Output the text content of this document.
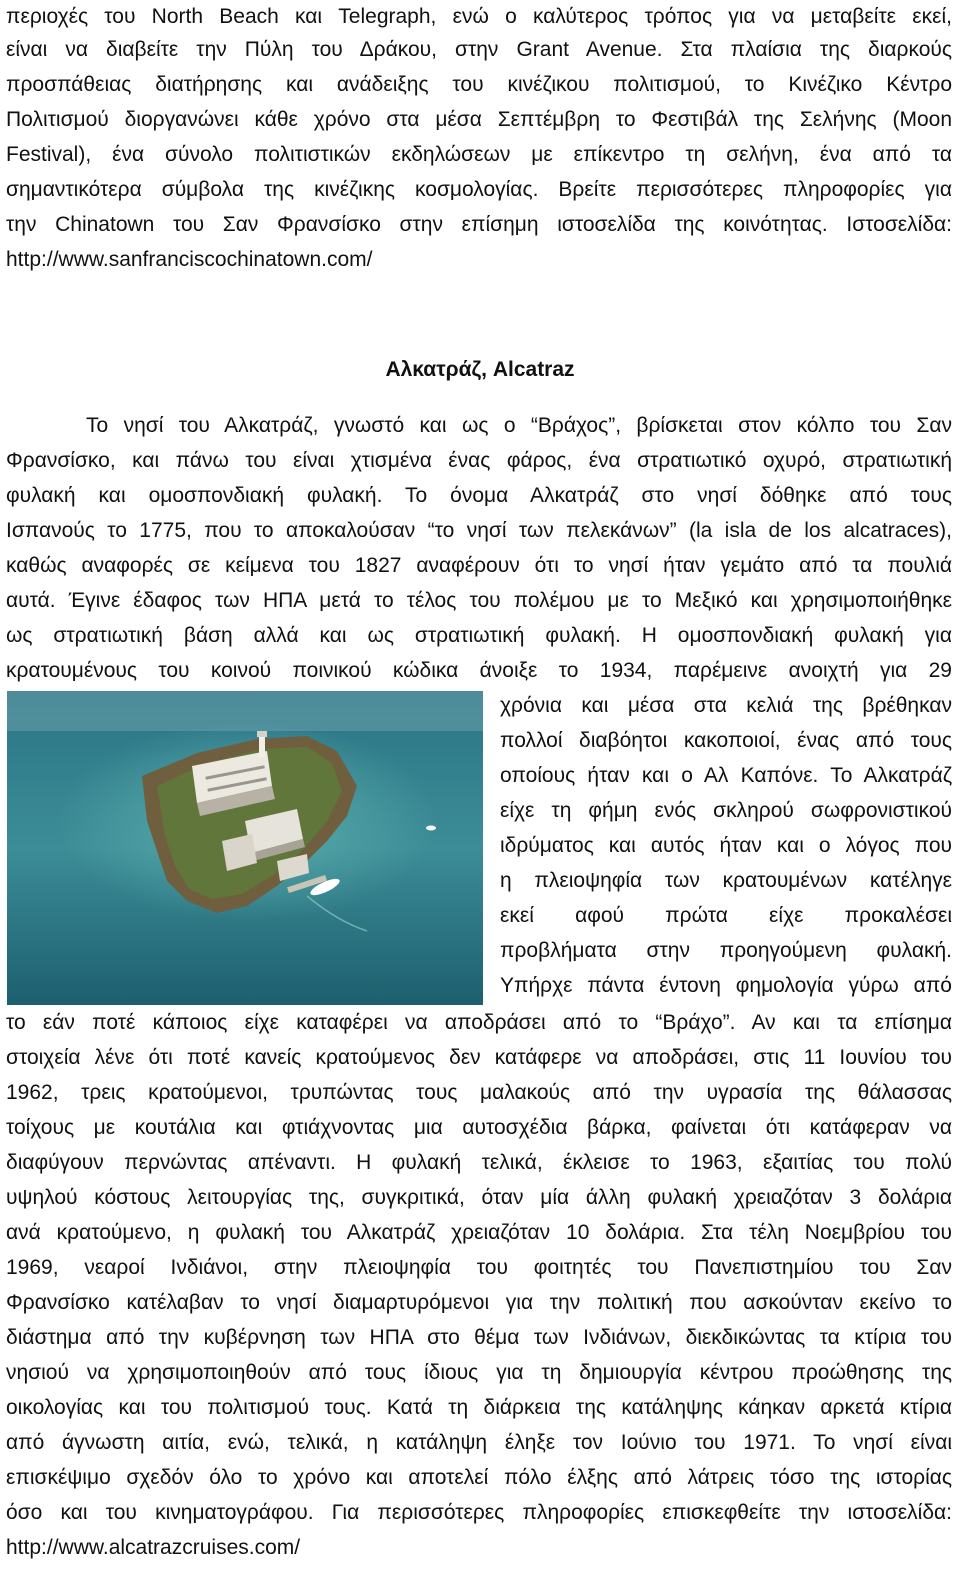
περιοχές του North Beach και Telegraph, ενώ ο καλύτερος τρόπος για να μεταβείτε εκεί,
είναι να διαβείτε την Πύλη του Δράκου, στην Grant Avenue. Στα πλαίσια της διαρκούς
προσπάθειας διατήρησης και ανάδειξης του κινέζικου πολιτισμού, το Κινέζικο Κέντρο
Πολιτισμού διοργανώνει κάθε χρόνο στα μέσα Σεπτέμβρη το Φεστιβάλ της Σελήνης (Moon
Festival), ένα σύνολο πολιτιστικών εκδηλώσεων με επίκεντρο τη σελήνη, ένα από τα
σημαντικότερα σύμβολα της κινέζικης κοσμολογίας. Βρείτε περισσότερες πληροφορίες για
την Chinatown του Σαν Φρανσίσκο στην επίσημη ιστοσελίδα της κοινότητας. Ιστοσελίδα:
http://www.sanfranciscochinatown.com/
Αλκατράζ, Alcatraz
Το νησί του Αλκατράζ, γνωστό και ως ο “Βράχος”, βρίσκεται στον κόλπο του Σαν
Φρανσίσκο, και πάνω του είναι χτισμένα ένας φάρος, ένα στρατιωτικό οχυρό, στρατιωτική
φυλακή και ομοσπονδιακή φυλακή. Το όνομα Αλκατράζ στο νησί δόθηκε από τους
Ισπανούς το 1775, που το αποκαλούσαν “το νησί των πελεκάνων” (la isla de los alcatraces),
καθώς αναφορές σε κείμενα του 1827 αναφέρουν ότι το νησί ήταν γεμάτο από τα πουλιά
αυτά. Έγινε έδαφος των ΗΠΑ μετά το τέλος του πολέμου με το Μεξικό και χρησιμοποιήθηκε
ως στρατιωτική βάση αλλά και ως στρατιωτική φυλακή. Η ομοσπονδιακή φυλακή για
κρατουμένους του κοινού ποινικού κώδικα άνοιξε το 1934, παρέμεινε ανοιχτή για 29
χρόνια και μέσα στα κελιά της βρέθηκαν
πολλοί διαβόητοι κακοποιοί, ένας από τους
οποίους ήταν και ο Αλ Καπόνε. Το Αλκατράζ
είχε τη φήμη ενός σκληρού σωφρονιστικού
ιδρύματος και αυτός ήταν και ο λόγος που
η πλειοψηφία των κρατουμένων κατέληγε
εκεί αφού πρώτα είχε προκαλέσει
προβλήματα στην προηγούμενη φυλακή.
Υπήρχε πάντα έντονη φημολογία γύρω από
το εάν ποτέ κάποιος είχε καταφέρει να αποδράσει από το “Βράχο”. Αν και τα επίσημα
στοιχεία λένε ότι ποτέ κανείς κρατούμενος δεν κατάφερε να αποδράσει, στις 11 Ιουνίου του
1962, τρεις κρατούμενοι, τρυπώντας τους μαλακούς από την υγρασία της θάλασσας
τοίχους με κουτάλια και φτιάχνοντας μια αυτοσχέδια βάρκα, φαίνεται ότι κατάφεραν να
διαφύγουν περνώντας απέναντι. Η φυλακή τελικά, έκλεισε το 1963, εξαιτίας του πολύ
υψηλού κόστους λειτουργίας της, συγκριτικά, όταν μία άλλη φυλακή χρειαζόταν 3 δολάρια
ανά κρατούμενο, η φυλακή του Αλκατράζ χρειαζόταν 10 δολάρια. Στα τέλη Νοεμβρίου του
1969, νεαροί Ινδιάνοι, στην πλειοψηφία του φοιτητές του Πανεπιστημίου του Σαν
Φρανσίσκο κατέλαβαν το νησί διαμαρτυρόμενοι για την πολιτική που ασκούνταν εκείνο το
διάστημα από την κυβέρνηση των ΗΠΑ στο θέμα των Ινδιάνων, διεκδικώντας τα κτίρια του
νησιού να χρησιμοποιηθούν από τους ίδιους για τη δημιουργία κέντρου προώθησης της
οικολογίας και του πολιτισμού τους. Κατά τη διάρκεια της κατάληψης κάηκαν αρκετά κτίρια
από άγνωστη αιτία, ενώ, τελικά, η κατάληψη έληξε τον Ιούνιο του 1971. Το νησί είναι
επισκέψιμο σχεδόν όλο το χρόνο και αποτελεί πόλο έλξης από λάτρεις τόσο της ιστορίας
όσο και του κινηματογράφου. Για περισσότερες πληροφορίες επισκεφθείτε την ιστοσελίδα:
http://www.alcatrazcruises.com/
